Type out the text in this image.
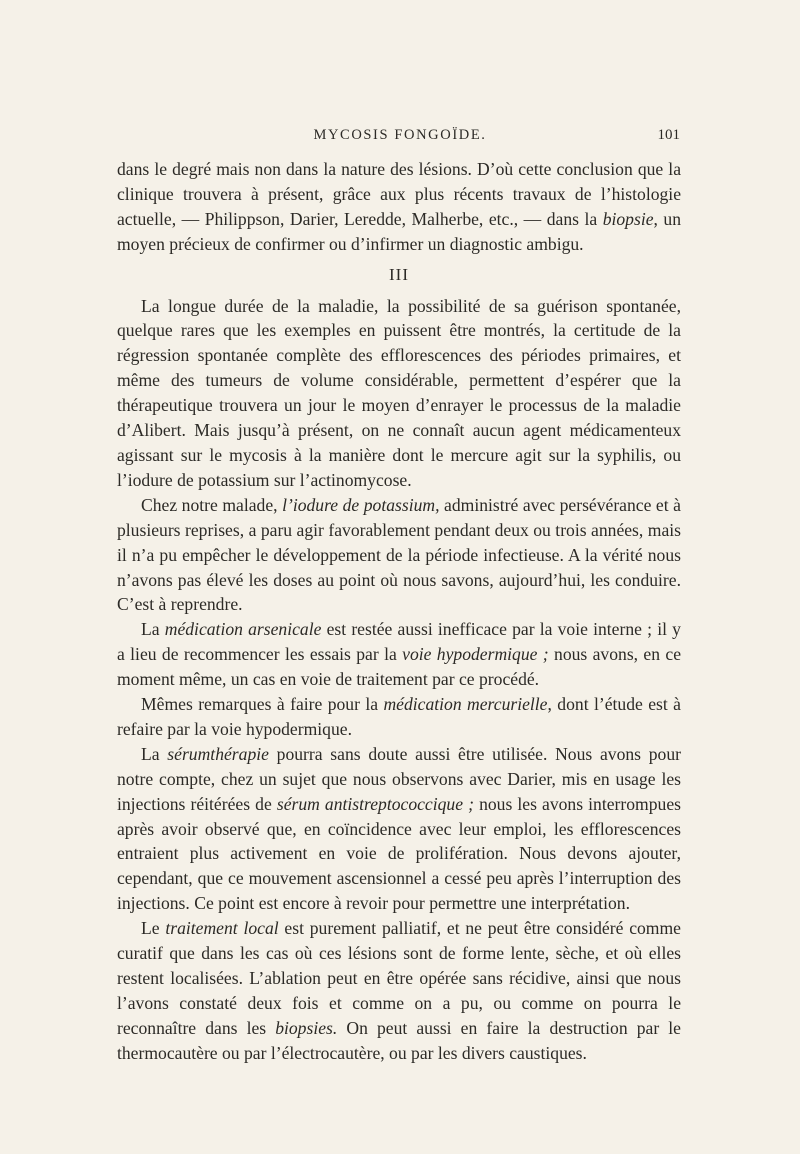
MYCOSIS FONGOÏDE.	101

dans le degré mais non dans la nature des lésions. D’où cette conclusion que la clinique trouvera à présent, grâce aux plus récents travaux de l’histologie actuelle, — Philippson, Darier, Leredde, Malherbe, etc., — dans la biopsie, un moyen précieux de confirmer ou d’infirmer un diagnostic ambigu.

III

La longue durée de la maladie, la possibilité de sa guérison spontanée, quelque rares que les exemples en puissent être montrés, la certitude de la régression spontanée complète des efflorescences des périodes primaires, et même des tumeurs de volume considérable, permettent d’espérer que la thérapeutique trouvera un jour le moyen d’enrayer le processus de la maladie d’Alibert. Mais jusqu’à présent, on ne connaît aucun agent médicamenteux agissant sur le mycosis à la manière dont le mercure agit sur la syphilis, ou l’iodure de potassium sur l’actinomycose.

Chez notre malade, l’iodure de potassium, administré avec persévérance et à plusieurs reprises, a paru agir favorablement pendant deux ou trois années, mais il n’a pu empêcher le développement de la période infectieuse. A la vérité nous n’avons pas élevé les doses au point où nous savons, aujourd’hui, les conduire. C’est à reprendre.

La médication arsenicale est restée aussi inefficace par la voie interne ; il y a lieu de recommencer les essais par la voie hypodermique ; nous avons, en ce moment même, un cas en voie de traitement par ce procédé.

Mêmes remarques à faire pour la médication mercurielle, dont l’étude est à refaire par la voie hypodermique.

La sérumthérapie pourra sans doute aussi être utilisée. Nous avons pour notre compte, chez un sujet que nous observons avec Darier, mis en usage les injections réitérées de sérum antistreptococcique ; nous les avons interrompues après avoir observé que, en coïncidence avec leur emploi, les efflorescences entraient plus activement en voie de prolifération. Nous devons ajouter, cependant, que ce mouvement ascensionnel a cessé peu après l’interruption des injections. Ce point est encore à revoir pour permettre une interprétation.

Le traitement local est purement palliatif, et ne peut être considéré comme curatif que dans les cas où ces lésions sont de forme lente, sèche, et où elles restent localisées. L’ablation peut en être opérée sans récidive, ainsi que nous l’avons constaté deux fois et comme on a pu, ou comme on pourra le reconnaître dans les biopsies. On peut aussi en faire la destruction par le thermocautère ou par l’électrocautère, ou par les divers caustiques.
